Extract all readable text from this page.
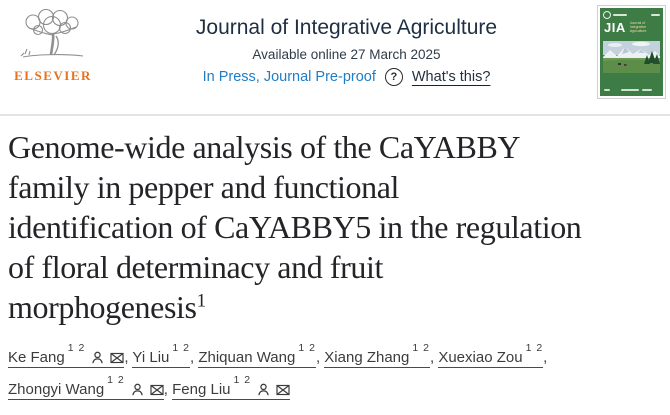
ELSEVIER
Journal of Integrative Agriculture
Available online 27 March 2025
In Press, Journal Pre-proof	?	What's this?
JIA Journal of Integrative Agriculture
Genome-wide analysis of the CaYABBY
family in pepper and functional
identification of CaYABBY5 in the regulation
of floral determinacy and fruit
morphogenesis$^1$
Ke Fang$^{1 2}$, Yi Liu$^{1 2}$, Zhiquan Wang$^{1 2}$, Xiang Zhang$^{1 2}$, Xuexiao Zou$^{1 2}$, Zhongyi Wang$^{1 2}$, Feng Liu$^{1 2}$
